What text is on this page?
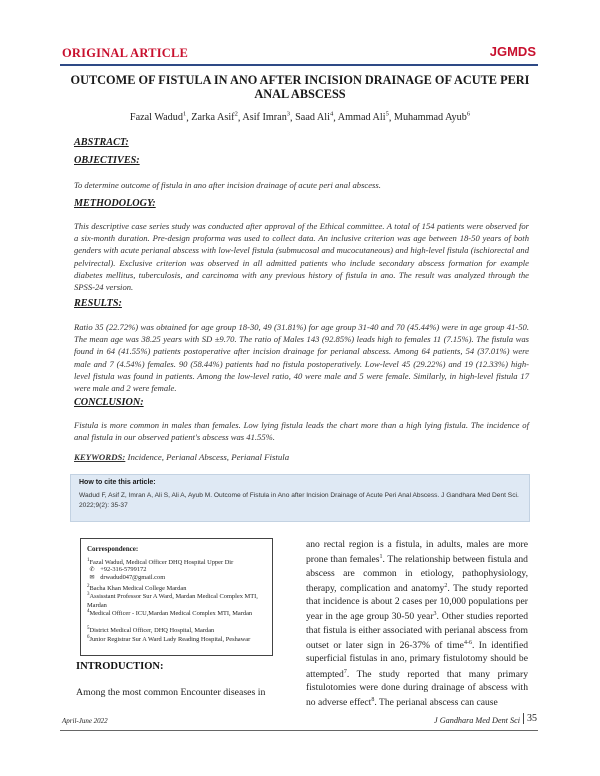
ORIGINAL ARTICLE	JGMDS
OUTCOME OF FISTULA IN ANO AFTER INCISION DRAINAGE OF ACUTE PERI ANAL ABSCESS
Fazal Wadud$^1$, Zarka Asif$^2$, Asif Imran$^3$, Saad Ali$^4$, Ammad Ali$^5$, Muhammad Ayub$^6$
ABSTRACT:
OBJECTIVES:
To determine outcome of fistula in ano after incision drainage of acute peri anal abscess.
METHODOLOGY:
This descriptive case series study was conducted after approval of the Ethical committee. A total of 154 patients were observed for a six-month duration. Pre-design proforma was used to collect data. An inclusive criterion was age between 18-50 years of both genders with acute perianal abscess with low-level fistula (submucosal and mucocutaneous) and high-level fistula (ischiorectal and pelvirectal). Exclusive criterion was observed in all admitted patients who include secondary abscess formation for example diabetes mellitus, tuberculosis, and carcinoma with any previous history of fistula in ano. The result was analyzed through the SPSS-24 version.
RESULTS:
Ratio 35 (22.72%) was obtained for age group 18-30, 49 (31.81%) for age group 31-40 and 70 (45.44%) were in age group 41-50. The mean age was 38.25 years with SD ±9.70. The ratio of Males 143 (92.85%) leads high to females 11 (7.15%). The fistula was found in 64 (41.55%) patients postoperative after incision drainage for perianal abscess. Among 64 patients, 54 (37.01%) were male and 7 (4.54%) females. 90 (58.44%) patients had no fistula postoperatively. Low-level 45 (29.22%) and 19 (12.33%) high-level fistula was found in patients. Among the low-level ratio, 40 were male and 5 were female. Similarly, in high-level fistula 17 were male and 2 were female.
CONCLUSION:
Fistula is more common in males than females. Low lying fistula leads the chart more than a high lying fistula. The incidence of anal fistula in our observed patient's abscess was 41.55%.
KEYWORDS: Incidence, Perianal Abscess, Perianal Fistula
How to cite this article:
Wadud F, Asif Z, Imran A, Ali S, Ali A, Ayub M. Outcome of Fistula in Ano after Incision Drainage of Acute Peri Anal Abscess. J Gandhara Med Dent Sci. 2022;9(2): 35-37
Correspondence:
$^1$Fazal Wadud, Medical Officer DHQ Hospital Upper Dir
✆ +92-316-5799172
✉ drwadud047@gmail.com
$^2$Bacha Khan Medical College Mardan
$^3$Assisstant Professor Sur A Ward, Mardan Medical Complex MTI, Mardan
$^4$Medical Officer - ICU,Mardan Medical Complex MTI, Mardan
$^5$District Medical Officer, DHQ Hospital, Mardan
$^6$Junior Registrar Sur A Ward Lady Reading Hospital, Peshawar
INTRODUCTION:
Among the most common Encounter diseases in
ano rectal region is a fistula, in adults, males are more prone than females$^1$. The relationship between fistula and abscess are common in etiology, pathophysiology, therapy, complication and anatomy$^2$. The study reported that incidence is about 2 cases per 10,000 populations per year in the age group 30-50 year$^3$. Other studies reported that fistula is either associated with perianal abscess from outset or later sign in 26-37% of time$^{4-6}$. In identified superficial fistulas in ano, primary fistulotomy should be attempted$^7$. The study reported that many primary fistulotomies were done during drainage of abscess with no adverse effect$^8$. The perianal abscess can cause
April-June 2022	J Gandhara Med Dent Sci 35
